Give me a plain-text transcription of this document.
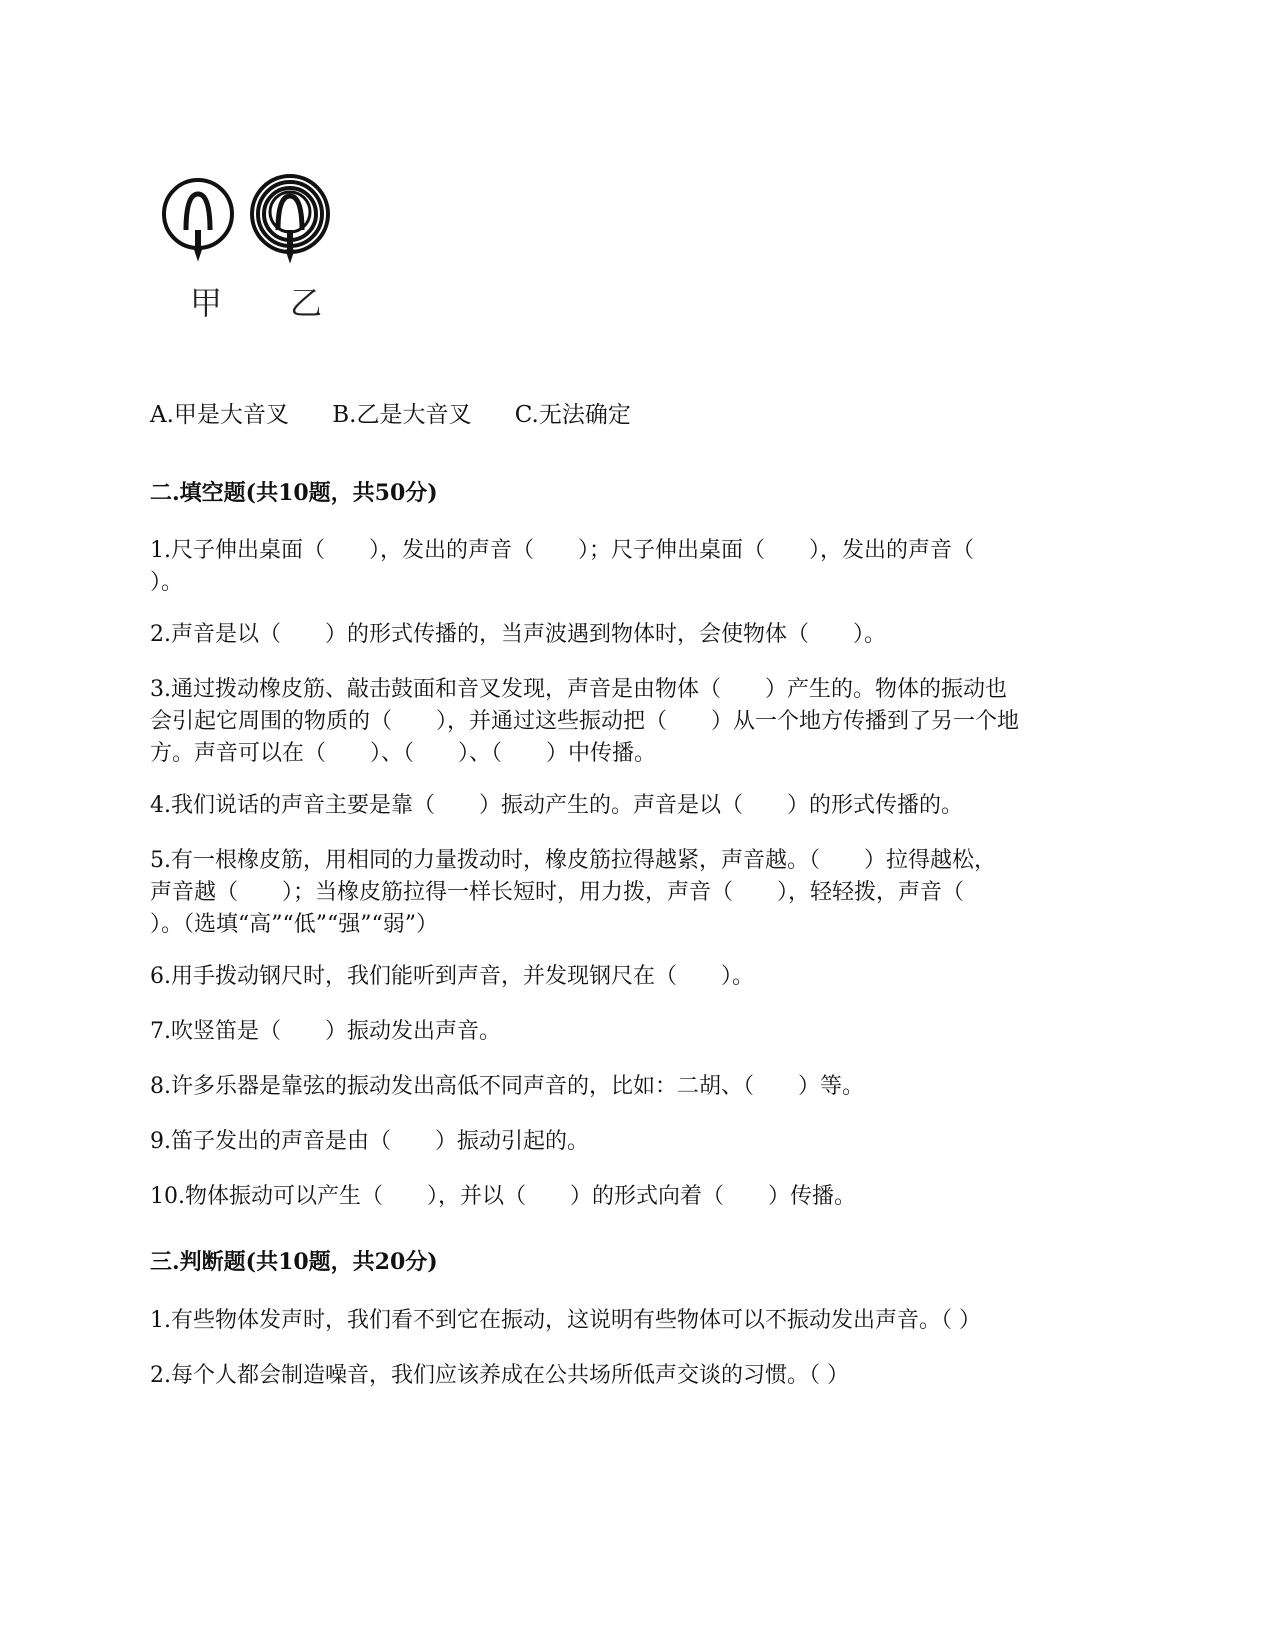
甲 乙
A.甲是大音叉 B.乙是大音叉 C.无法确定
二.填空题(共10题，共50分)
1.尺子伸出桌面（　　），发出的声音（　　）；尺子伸出桌面（　　），发出的声音（
）。
2.声音是以（　　）的形式传播的，当声波遇到物体时，会使物体（　　）。
3.通过拨动橡皮筋、敲击鼓面和音叉发现，声音是由物体（　　）产生的。物体的振动也
会引起它周围的物质的（　　），并通过这些振动把（　　）从一个地方传播到了另一个地
方。声音可以在（　　）、（　　）、（　　）中传播。
4.我们说话的声音主要是靠（　　）振动产生的。声音是以（　　）的形式传播的。
5.有一根橡皮筋，用相同的力量拨动时，橡皮筋拉得越紧，声音越。（　　）拉得越松，
声音越（　　）；当橡皮筋拉得一样长短时，用力拨，声音（　　），轻轻拨，声音（
）。（选填“高”“低”“强”“弱”）
6.用手拨动钢尺时，我们能听到声音，并发现钢尺在（　　）。
7.吹竖笛是（　　）振动发出声音。
8.许多乐器是靠弦的振动发出高低不同声音的，比如：二胡、（　　）等。
9.笛子发出的声音是由（　　）振动引起的。
10.物体振动可以产生（　　），并以（　　）的形式向着（　　）传播。
三.判断题(共10题，共20分)
1.有些物体发声时，我们看不到它在振动，这说明有些物体可以不振动发出声音。（ ）
2.每个人都会制造噪音，我们应该养成在公共场所低声交谈的习惯。（ ）
